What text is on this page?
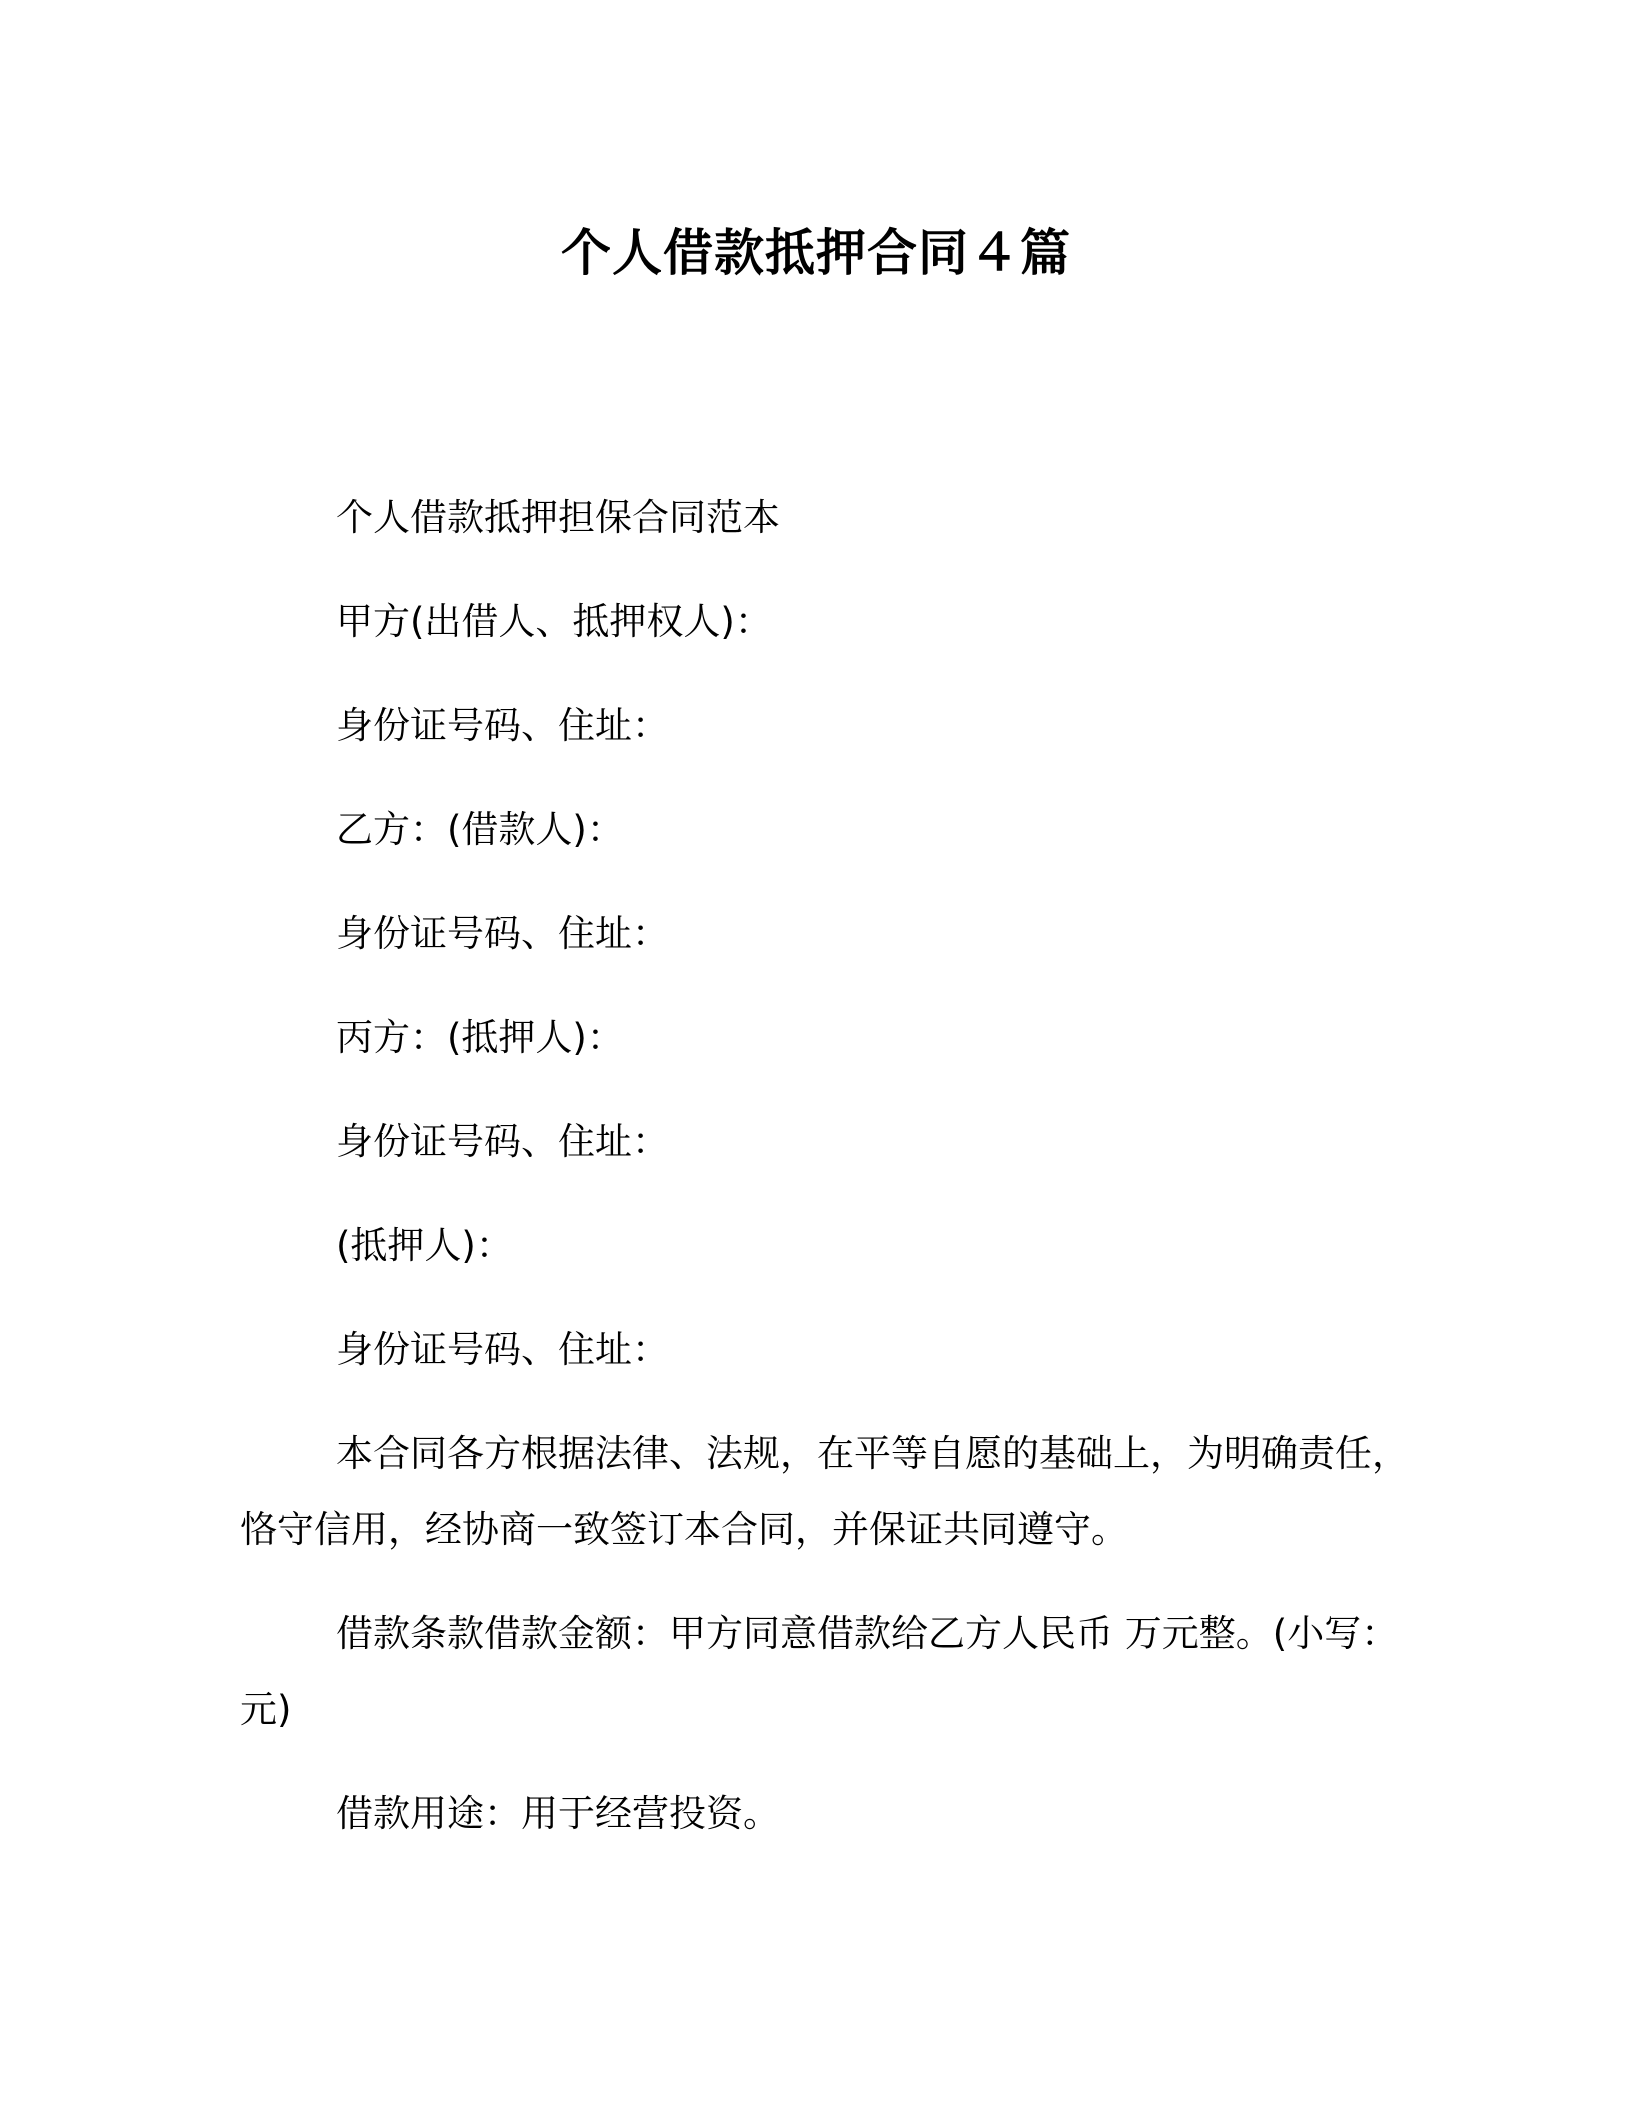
个人借款抵押合同４篇

个人借款抵押担保合同范本

甲方(出借人、抵押权人)：

身份证号码、住址：

乙方：(借款人)：

身份证号码、住址：

丙方：(抵押人)：

身份证号码、住址：

(抵押人)：

身份证号码、住址：

本合同各方根据法律、法规，在平等自愿的基础上，为明确责任，恪守信用，经协商一致签订本合同，并保证共同遵守。

借款条款借款金额：甲方同意借款给乙方人民币 万元整。(小写：元)

借款用途：用于经营投资。
